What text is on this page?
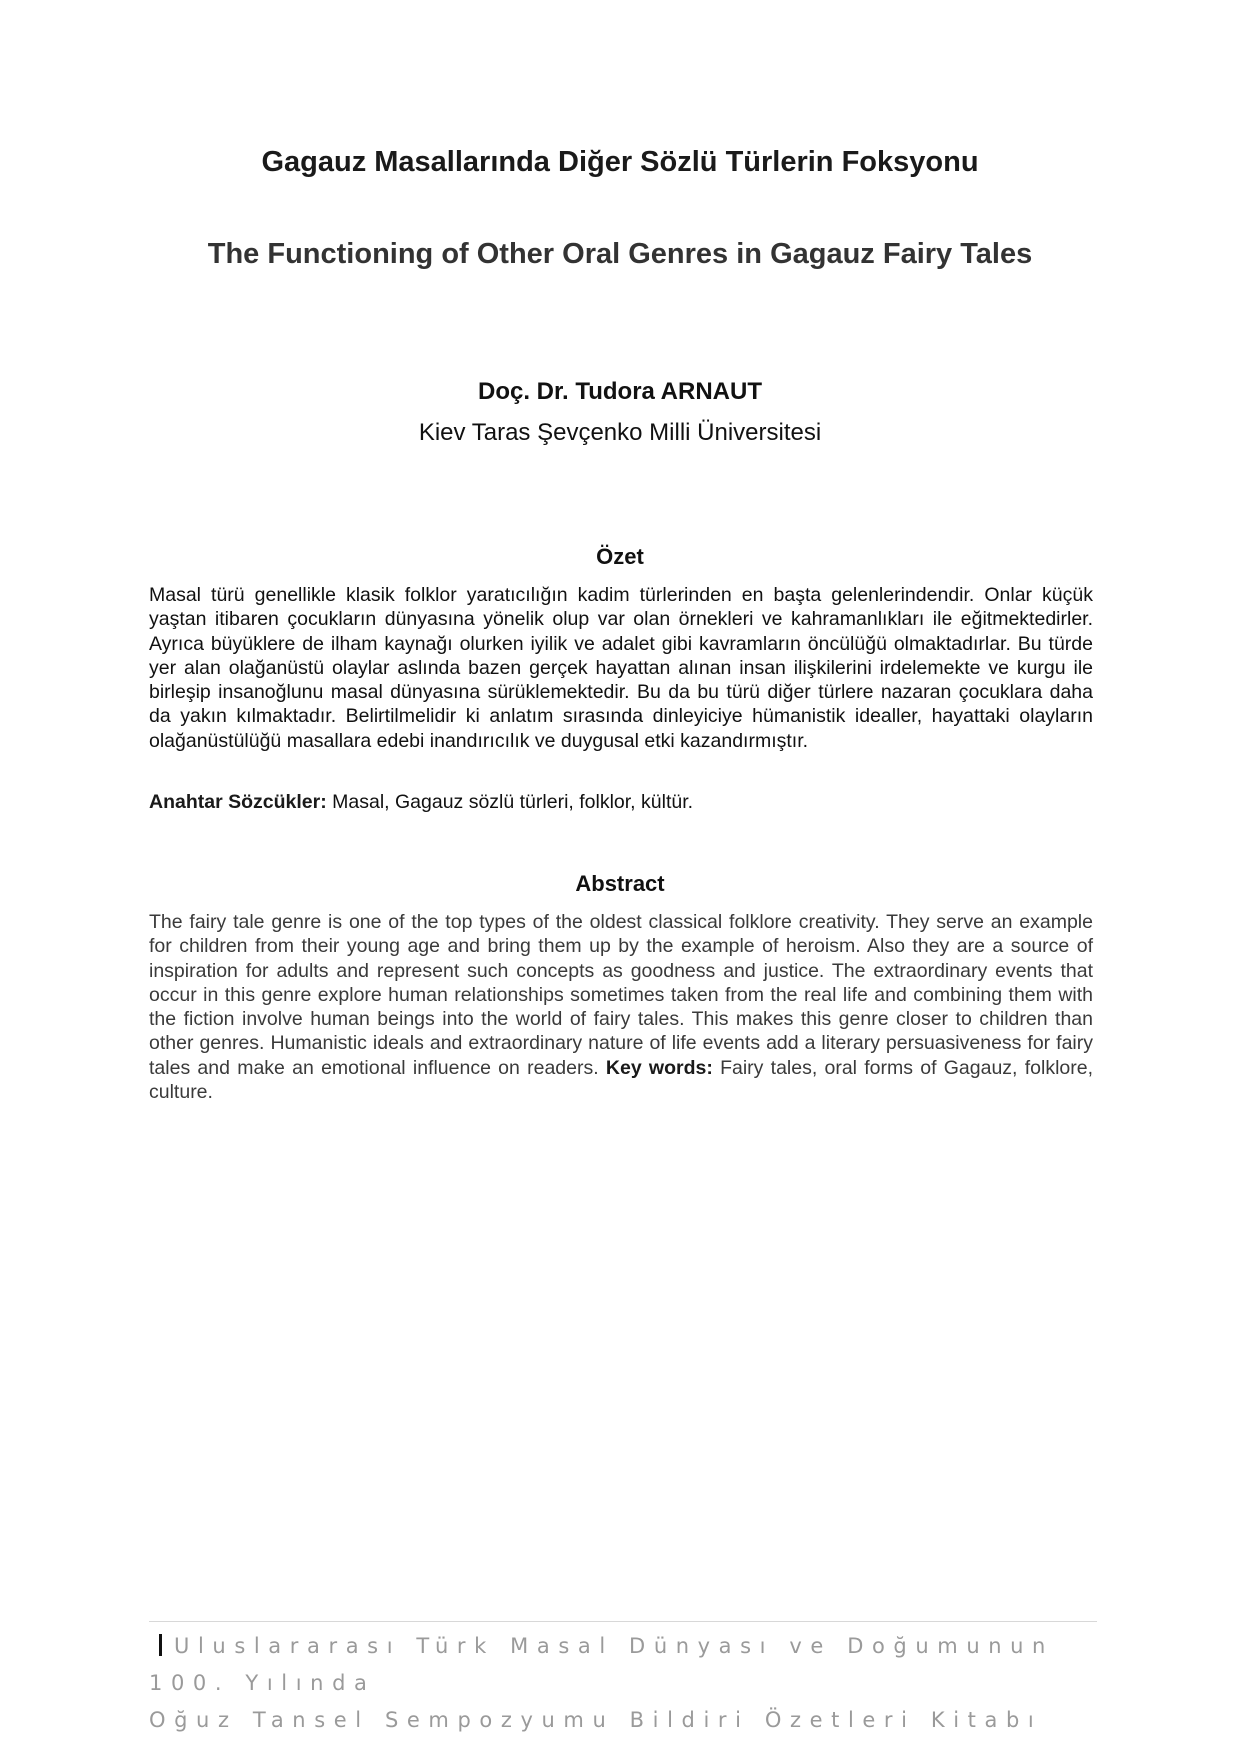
Gagauz Masallarında Diğer Sözlü Türlerin Foksyonu
The Functioning of Other Oral Genres in Gagauz Fairy Tales
Doç. Dr. Tudora ARNAUT
Kiev Taras Şevçenko Milli Üniversitesi
Özet
Masal türü genellikle klasik folklor yaratıcılığın kadim türlerinden en başta gelenlerindendir. Onlar küçük yaştan itibaren çocukların dünyasına yönelik olup var olan örnekleri ve kahramanlıkları ile eğitmektedirler. Ayrıca büyüklere de ilham kaynağı olurken iyilik ve adalet gibi kavramların öncülüğü olmaktadırlar. Bu türde yer alan olağanüstü olaylar aslında bazen gerçek hayattan alınan insan ilişkilerini irdelemekte ve kurgu ile birleşip insanoğlunu masal dünyasına sürüklemektedir. Bu da bu türü diğer türlere nazaran çocuklara daha da yakın kılmaktadır. Belirtilmelidir ki anlatım sırasında dinleyiciye hümanistik idealler, hayattaki olayların olağanüstülüğü masallara edebi inandırıcılık ve duygusal etki kazandırmıştır.
Anahtar Sözcükler: Masal, Gagauz sözlü türleri, folklor, kültür.
Abstract
The fairy tale genre is one of the top types of the oldest classical folklore creativity. They serve an example for children from their young age and bring them up by the example of heroism. Also they are a source of inspiration for adults and represent such concepts as goodness and justice. The extraordinary events that occur in this genre explore human relationships sometimes taken from the real life and combining them with the fiction involve human beings into the world of fairy tales. This makes this genre closer to children than other genres. Humanistic ideals and extraordinary nature of life events add a literary persuasiveness for fairy tales and make an emotional influence on readers. Key words: Fairy tales, oral forms of Gagauz, folklore, culture.
Uluslararası Türk Masal Dünyası ve Doğumunun 100. Yılında
Oğuz Tansel Sempozyumu Bildiri Özetleri Kitabı
